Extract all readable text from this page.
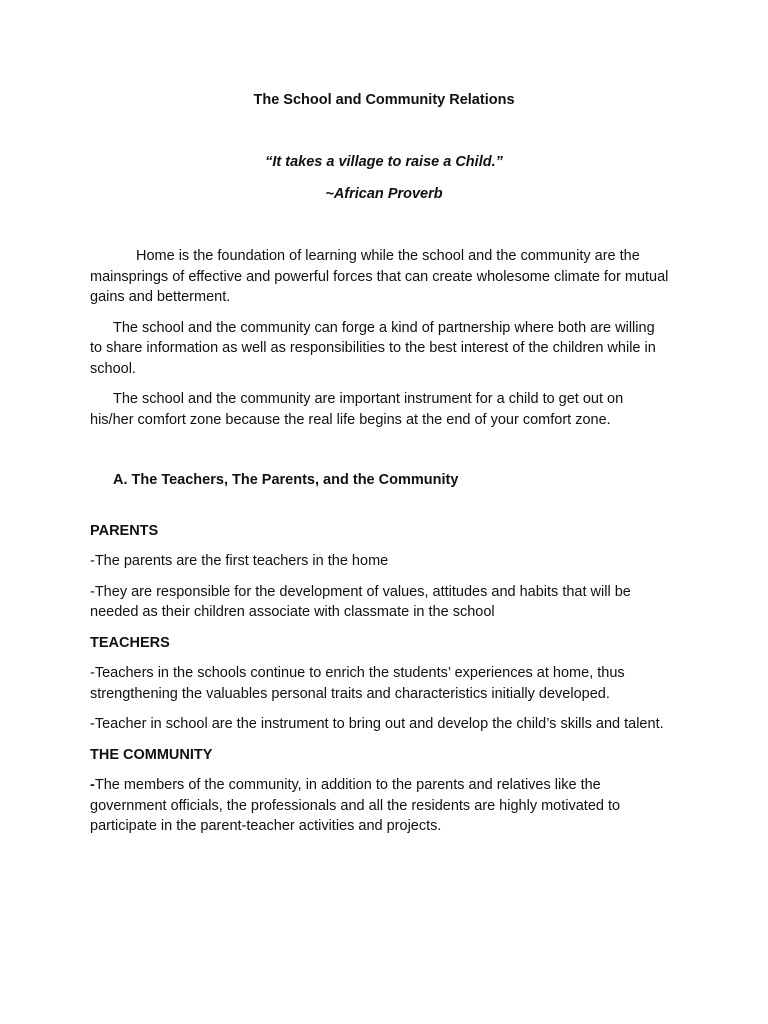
The School and Community Relations
“It takes a village to raise a Child.”
~African Proverb

Home is the foundation of learning while the school and the community are the mainsprings of effective and powerful forces that can create wholesome climate for mutual gains and betterment.

The school and the community can forge a kind of partnership where both are willing to share information as well as responsibilities to the best interest of the children while in school.

The school and the community are important instrument for a child to get out on his/her comfort zone because the real life begins at the end of your comfort zone.

A. The Teachers, The Parents, and the Community

PARENTS

-The parents are the first teachers in the home

-They are responsible for the development of values, attitudes and habits that will be needed as their children associate with classmate in the school

TEACHERS

-Teachers in the schools continue to enrich the students’ experiences at home, thus strengthening the valuables personal traits and characteristics initially developed.

-Teacher in school are the instrument to bring out and develop the child’s skills and talent.

THE COMMUNITY

-The members of the community, in addition to the parents and relatives like the government officials, the professionals and all the residents are highly motivated to participate in the parent-teacher activities and projects.
